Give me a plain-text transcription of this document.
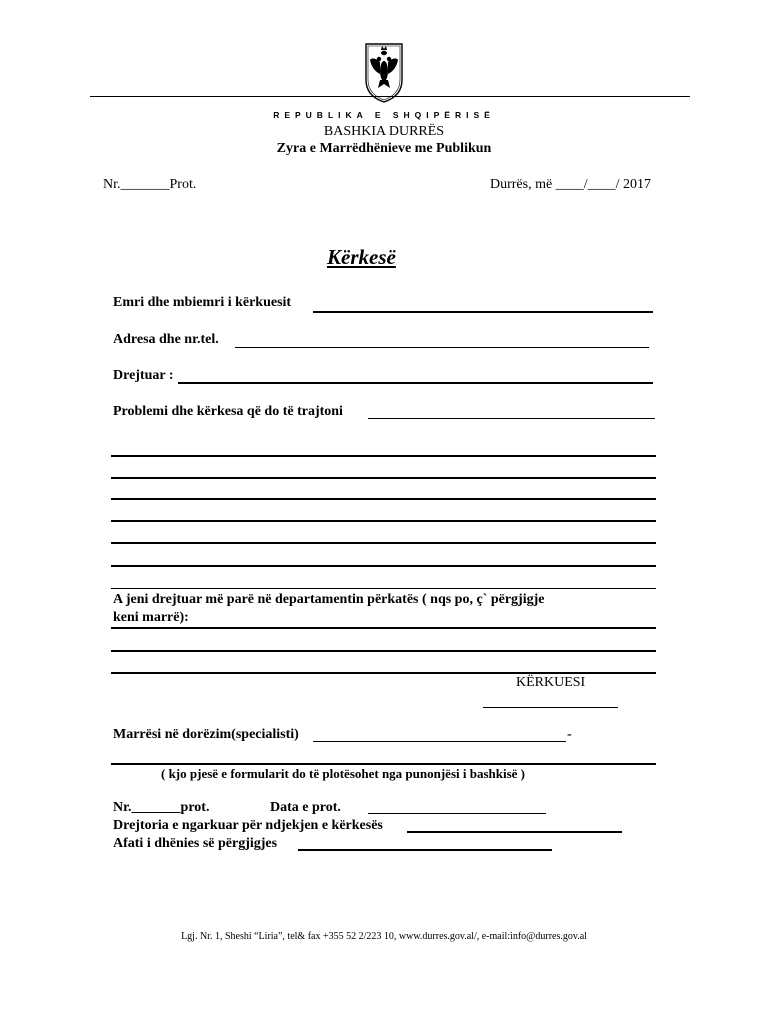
REPUBLIKA E SHQIPËRISË
BASHKIA DURRËS
Zyra e Marrëdhënieve me Publikun
Nr._______Prot.	Durrës, më ____/____/ 2017
Kërkesë
Emri dhe mbiemri i kërkuesit
Adresa dhe nr.tel.
Drejtuar :
Problemi dhe kërkesa që do të trajtoni
A jeni drejtuar më parë në departamentin përkatës ( nqs po, ç` përgjigje
keni marrë):
KËRKUESI
Marrësi në dorëzim(specialisti)	-
( kjo pjesë e formularit do të plotësohet nga punonjësi i bashkisë )
Nr._______prot.	Data e prot.
Drejtoria e ngarkuar për ndjekjen e kërkesës
Afati i dhënies së përgjigjes
Lgj. Nr. 1, Sheshi “Liria”, tel& fax +355 52 2/223 10, www.durres.gov.al/, e-mail:info@durres.gov.al
